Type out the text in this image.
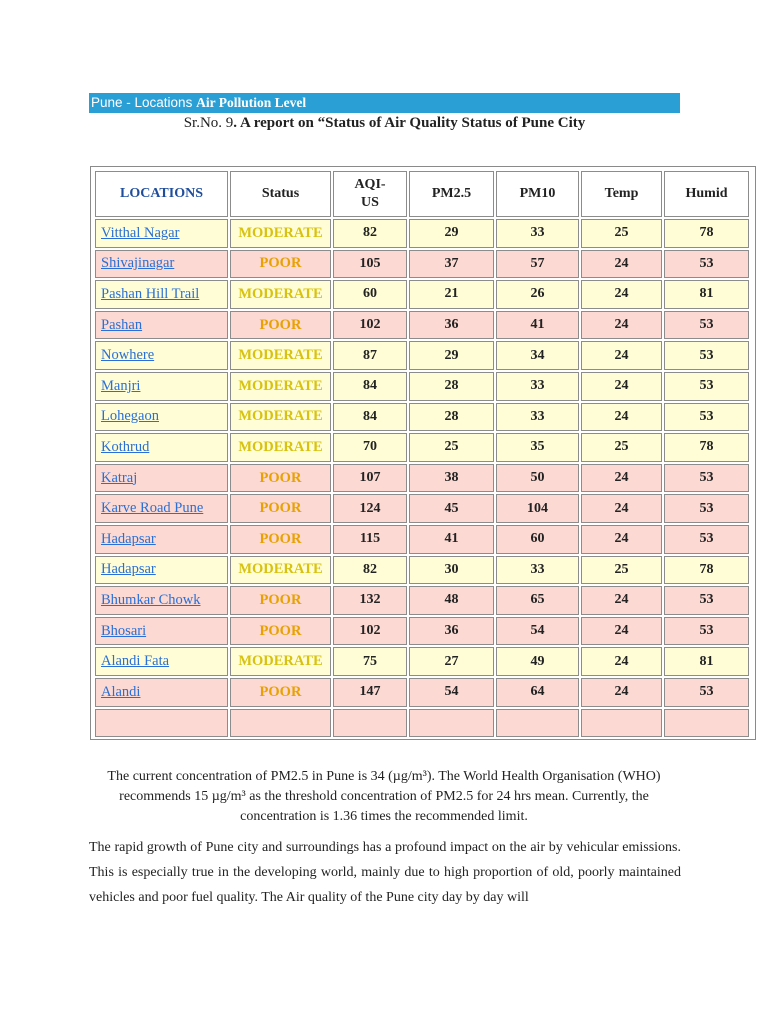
Pune - Locations Air Pollution Level
Sr.No. 9. A report on “Status of Air Quality Status of Pune City
LOCATIONS	Status	AQI-US	PM2.5	PM10	Temp	Humid
Vitthal Nagar	MODERATE	82	29	33	25	78
Shivajinagar	POOR	105	37	57	24	53
Pashan Hill Trail	MODERATE	60	21	26	24	81
Pashan	POOR	102	36	41	24	53
Nowhere	MODERATE	87	29	34	24	53
Manjri	MODERATE	84	28	33	24	53
Lohegaon	MODERATE	84	28	33	24	53
Kothrud	MODERATE	70	25	35	25	78
Katraj	POOR	107	38	50	24	53
Karve Road Pune	POOR	124	45	104	24	53
Hadapsar	POOR	115	41	60	24	53
Hadapsar	MODERATE	82	30	33	25	78
Bhumkar Chowk	POOR	132	48	65	24	53
Bhosari	POOR	102	36	54	24	53
Alandi Fata	MODERATE	75	27	49	24	81
Alandi	POOR	147	54	64	24	53

The current concentration of PM2.5 in Pune is 34 (µg/m³). The World Health Organisation (WHO) recommends 15 µg/m³ as the threshold concentration of PM2.5 for 24 hrs mean. Currently, the concentration is 1.36 times the recommended limit.
The rapid growth of Pune city and surroundings has a profound impact on the air by vehicular emissions. This is especially true in the developing world, mainly due to high proportion of old, poorly maintained vehicles and poor fuel quality. The Air quality of the Pune city day by day will
